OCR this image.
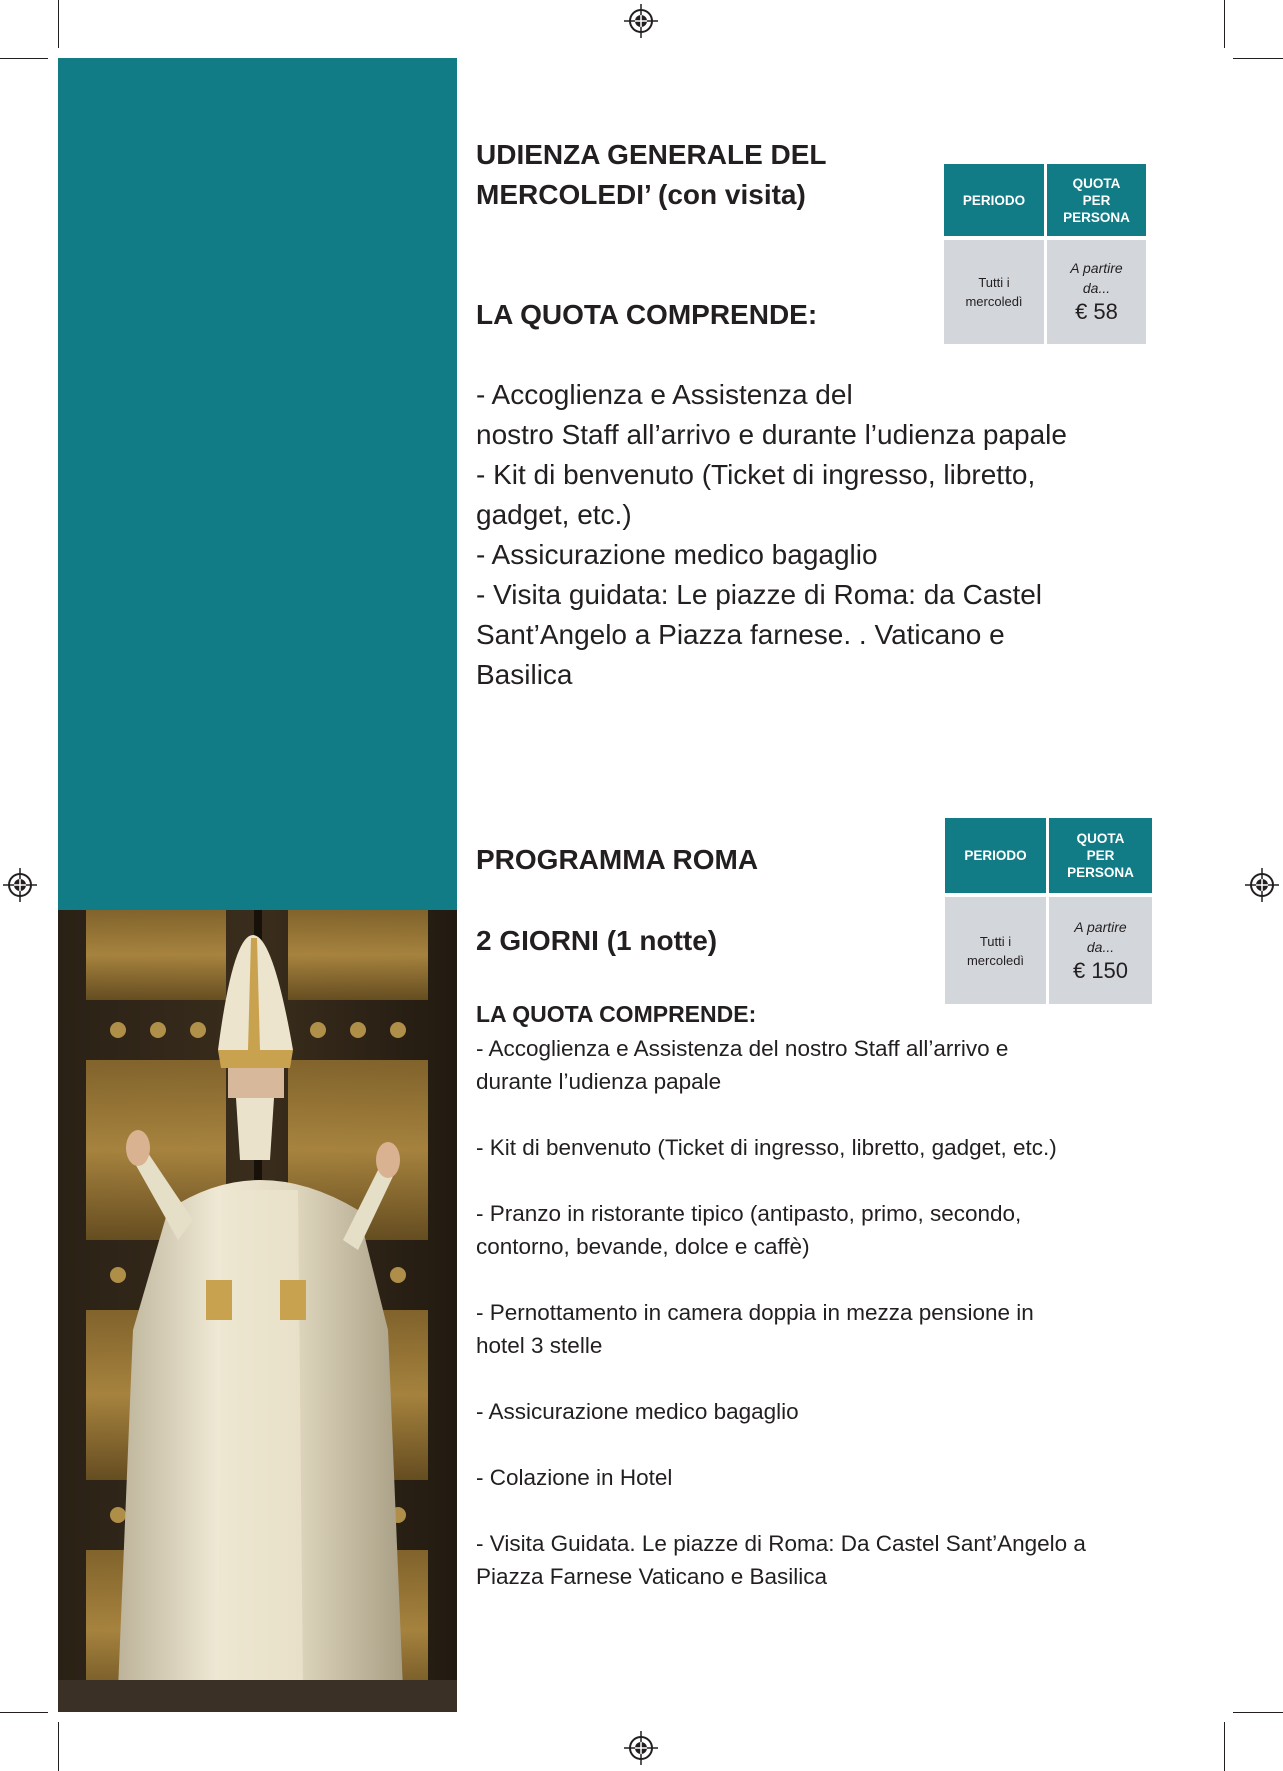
UDIENZA GENERALE DEL
MERCOLEDI’ (con visita)
LA QUOTA COMPRENDE:
- Accoglienza e Assistenza del
nostro Staff all’arrivo e durante l’udienza papale
- Kit di benvenuto (Ticket di ingresso, libretto,
gadget, etc.)
- Assicurazione medico bagaglio
- Visita guidata: Le piazze di Roma: da Castel
Sant’Angelo a Piazza farnese. . Vaticano e
Basilica
PERIODO
QUOTA
PER
PERSONA
Tutti i
mercoledì
A partire
da...
€ 58
PROGRAMMA ROMA
2 GIORNI (1 notte)
LA QUOTA COMPRENDE:
- Accoglienza e Assistenza del nostro Staff all’arrivo e
durante l’udienza papale
- Kit di benvenuto (Ticket di ingresso, libretto, gadget, etc.)
- Pranzo in ristorante tipico (antipasto, primo, secondo,
contorno, bevande, dolce e caffè)
- Pernottamento in camera doppia in mezza pensione in
hotel 3 stelle
- Assicurazione medico bagaglio
- Colazione in Hotel
- Visita Guidata. Le piazze di Roma: Da Castel Sant’Angelo a
Piazza Farnese Vaticano e Basilica
PERIODO
QUOTA
PER
PERSONA
Tutti i
mercoledì
A partire
da...
€ 150
